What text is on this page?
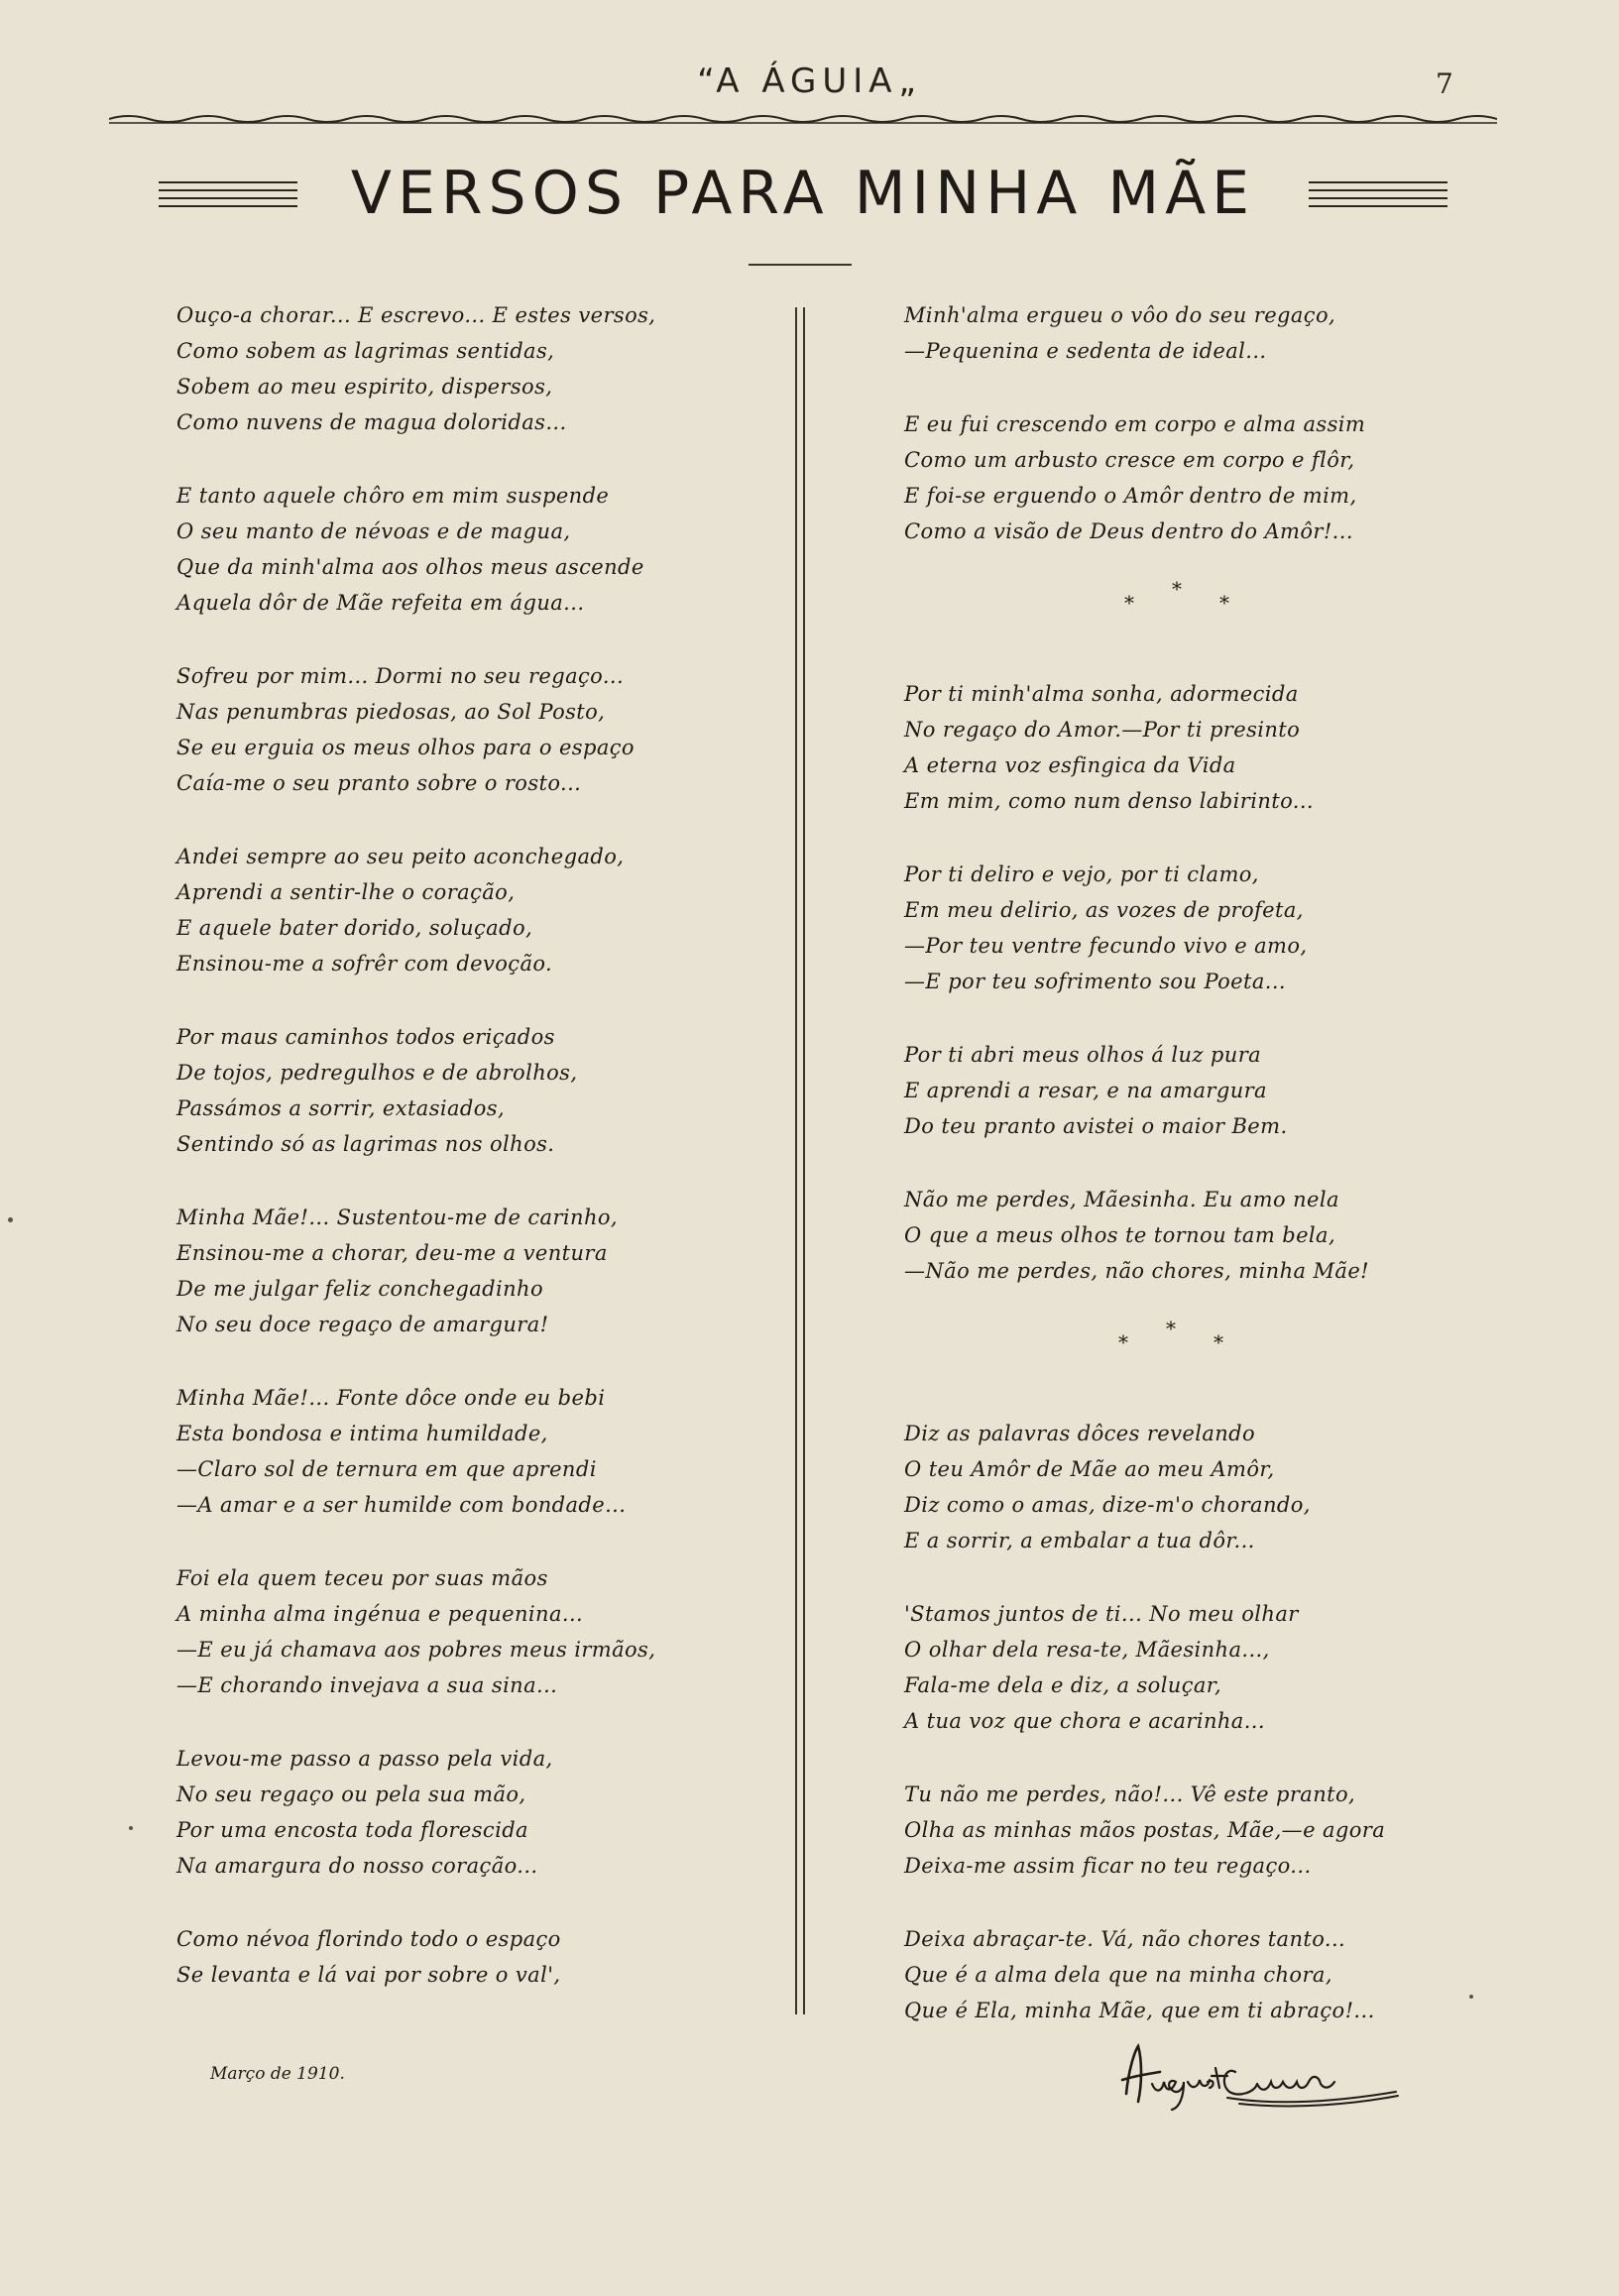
“A ÁGUIA„	7
VERSOS PARA MINHA MÃE
Ouço-a chorar... E escrevo... E estes versos,
Como sobem as lagrimas sentidas,
Sobem ao meu espirito, dispersos,
Como nuvens de magua doloridas...
E tanto aquele chôro em mim suspende
O seu manto de névoas e de magua,
Que da minh'alma aos olhos meus ascende
Aquela dôr de Mãe refeita em água...
Sofreu por mim... Dormi no seu regaço...
Nas penumbras piedosas, ao Sol Posto,
Se eu erguia os meus olhos para o espaço
Caía-me o seu pranto sobre o rosto...
Andei sempre ao seu peito aconchegado,
Aprendi a sentir-lhe o coração,
E aquele bater dorido, soluçado,
Ensinou-me a sofrêr com devoção.
Por maus caminhos todos eriçados
De tojos, pedregulhos e de abrolhos,
Passámos a sorrir, extasiados,
Sentindo só as lagrimas nos olhos.
Minha Mãe!... Sustentou-me de carinho,
Ensinou-me a chorar, deu-me a ventura
De me julgar feliz conchegadinho
No seu doce regaço de amargura!
Minha Mãe!... Fonte dôce onde eu bebi
Esta bondosa e intima humildade,
—Claro sol de ternura em que aprendi
—A amar e a ser humilde com bondade...
Foi ela quem teceu por suas mãos
A minha alma ingénua e pequenina...
—E eu já chamava aos pobres meus irmãos,
—E chorando invejava a sua sina...
Levou-me passo a passo pela vida,
No seu regaço ou pela sua mão,
Por uma encosta toda florescida
Na amargura do nosso coração...
Como névoa florindo todo o espaço
Se levanta e lá vai por sobre o val',
Minh'alma ergueu o vôo do seu regaço,
—Pequenina e sedenta de ideal...
E eu fui crescendo em corpo e alma assim
Como um arbusto cresce em corpo e flôr,
E foi-se erguendo o Amôr dentro de mim,
Como a visão de Deus dentro do Amôr!...
*
*	*
Por ti minh'alma sonha, adormecida
No regaço do Amor.—Por ti presinto
A eterna voz esfingica da Vida
Em mim, como num denso labirinto...
Por ti deliro e vejo, por ti clamo,
Em meu delirio, as vozes de profeta,
—Por teu ventre fecundo vivo e amo,
—E por teu sofrimento sou Poeta...
Por ti abri meus olhos á luz pura
E aprendi a resar, e na amargura
Do teu pranto avistei o maior Bem.
Não me perdes, Mãesinha. Eu amo nela
O que a meus olhos te tornou tam bela,
—Não me perdes, não chores, minha Mãe!
*
*	*
Diz as palavras dôces revelando
O teu Amôr de Mãe ao meu Amôr,
Diz como o amas, dize-m'o chorando,
E a sorrir, a embalar a tua dôr...
'Stamos juntos de ti... No meu olhar
O olhar dela resa-te, Mãesinha...,
Fala-me dela e diz, a soluçar,
A tua voz que chora e acarinha...
Tu não me perdes, não!... Vê este pranto,
Olha as minhas mãos postas, Mãe,—e agora
Deixa-me assim ficar no teu regaço...
Deixa abraçar-te. Vá, não chores tanto...
Que é a alma dela que na minha chora,
Que é Ela, minha Mãe, que em ti abraço!...
Março de 1910.
